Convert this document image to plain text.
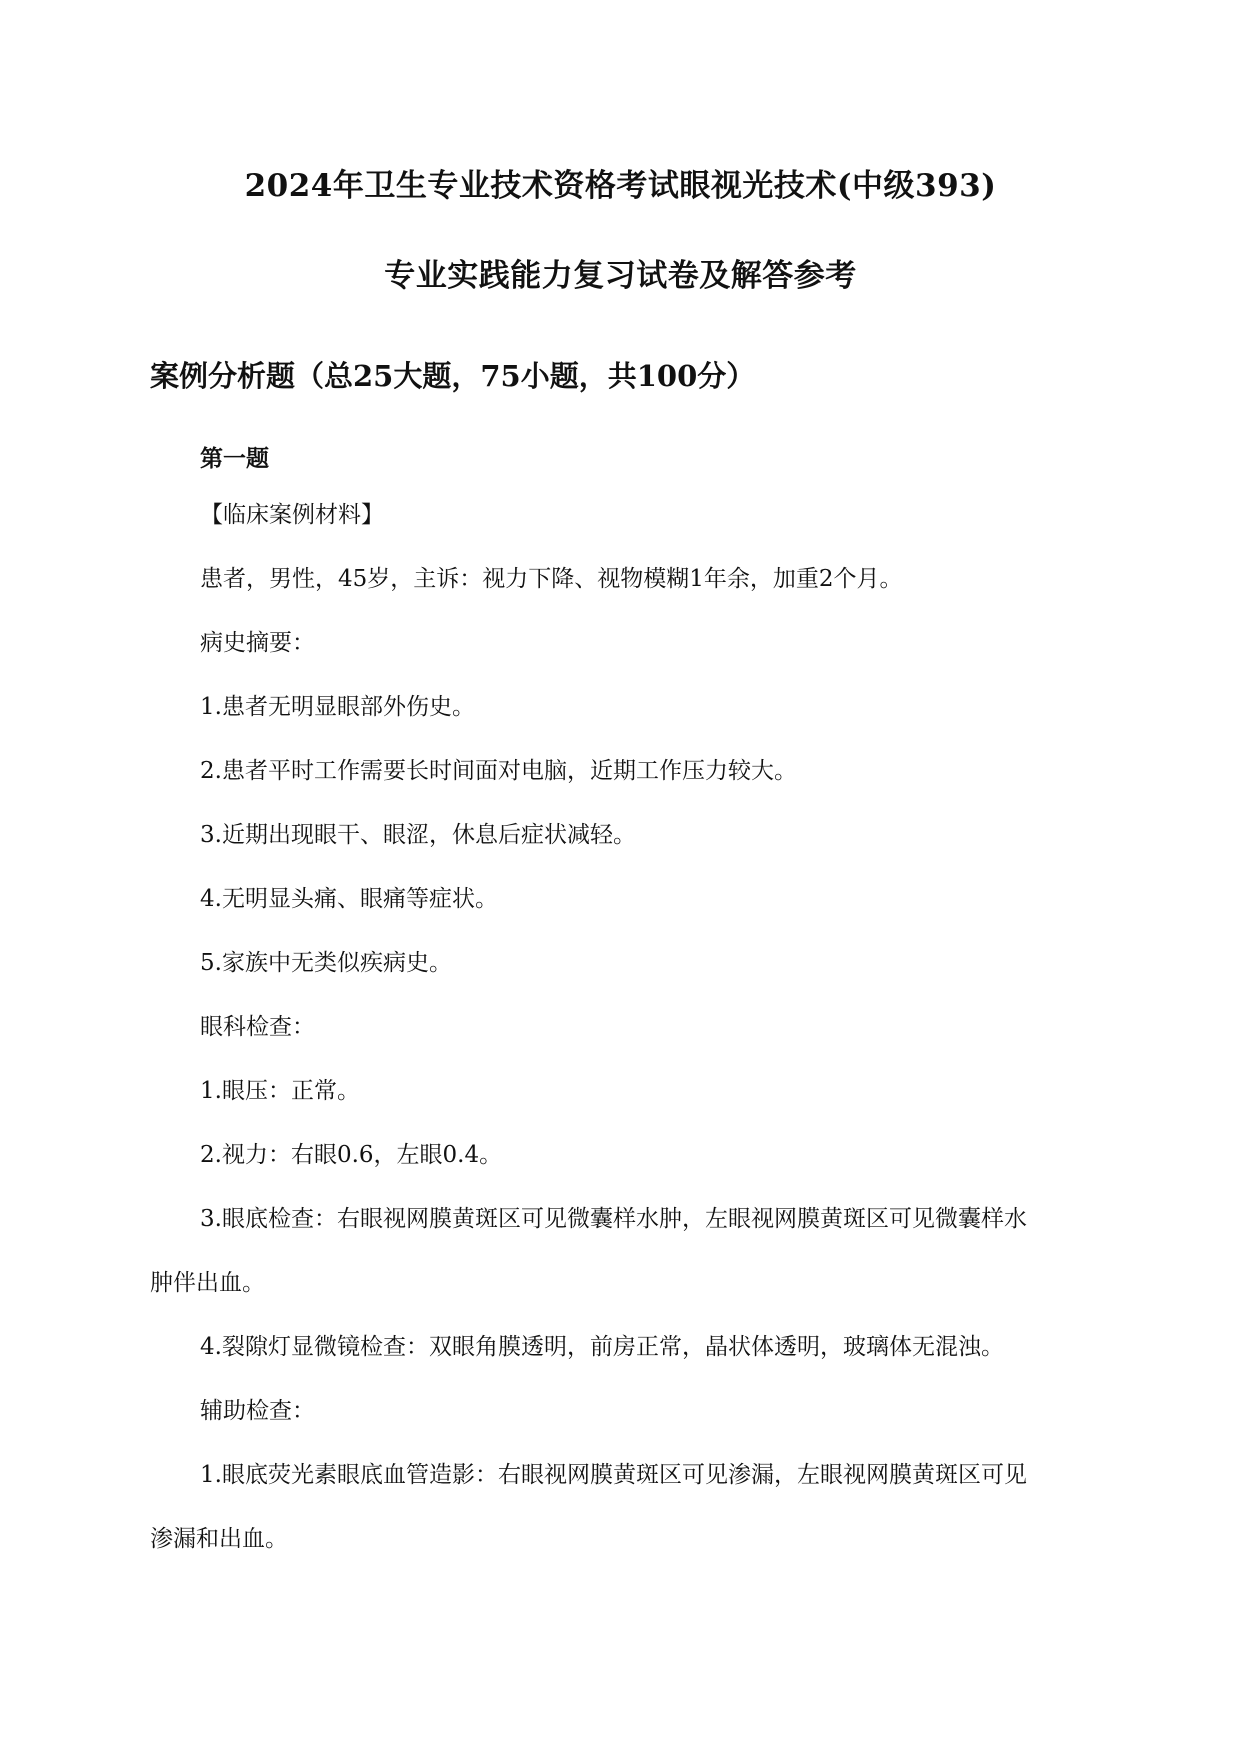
2024年卫生专业技术资格考试眼视光技术(中级393)
专业实践能力复习试卷及解答参考
案例分析题（总25大题，75小题，共100分）
第一题
【临床案例材料】
患者，男性，45岁，主诉：视力下降、视物模糊1年余，加重2个月。
病史摘要：
1.患者无明显眼部外伤史。
2.患者平时工作需要长时间面对电脑，近期工作压力较大。
3.近期出现眼干、眼涩，休息后症状减轻。
4.无明显头痛、眼痛等症状。
5.家族中无类似疾病史。
眼科检查：
1.眼压：正常。
2.视力：右眼0.6，左眼0.4。
3.眼底检查：右眼视网膜黄斑区可见微囊样水肿，左眼视网膜黄斑区可见微囊样水
肿伴出血。
4.裂隙灯显微镜检查：双眼角膜透明，前房正常，晶状体透明，玻璃体无混浊。
辅助检查：
1.眼底荧光素眼底血管造影：右眼视网膜黄斑区可见渗漏，左眼视网膜黄斑区可见
渗漏和出血。
